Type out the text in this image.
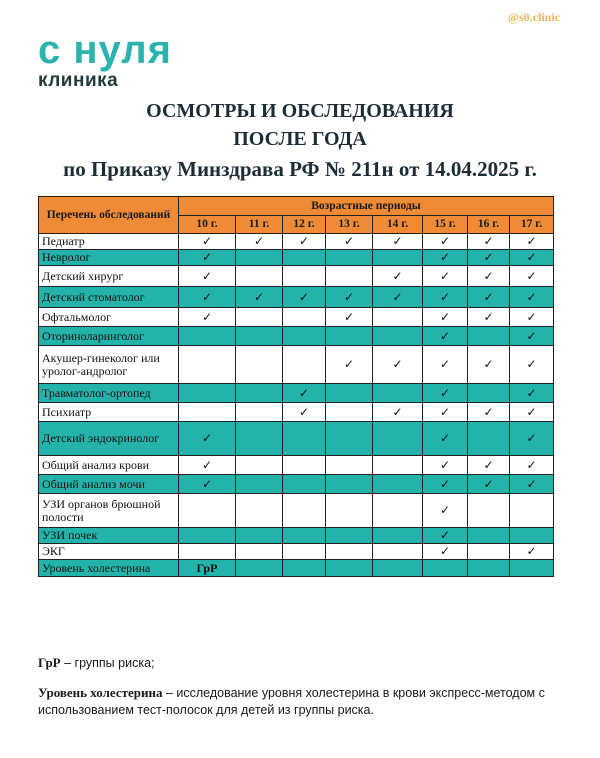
@s0.clinic
с нуля
клиника
ОСМОТРЫ И ОБСЛЕДОВАНИЯ
ПОСЛЕ ГОДА
по Приказу Минздрава РФ № 211н от 14.04.2025 г.
Перечень обследований	Возрастные периоды							
	10 г.	11 г.	12 г.	13 г.	14 г.	15 г.	16 г.	17 г.
Педиатр	✓	✓	✓	✓	✓	✓	✓	✓
Невролог	✓					✓	✓	✓
Детский хирург	✓				✓	✓	✓	✓
Детский стоматолог	✓	✓	✓	✓	✓	✓	✓	✓
Офтальмолог	✓			✓		✓	✓	✓
Оториноларинголог						✓		✓
Акушер-гинеколог или уролог-андролог				✓	✓	✓	✓	✓
Травматолог-ортопед			✓			✓		✓
Психиатр			✓		✓	✓	✓	✓
Детский эндокринолог	✓					✓		✓
Общий анализ крови	✓					✓	✓	✓
Общий анализ мочи	✓					✓	✓	✓
УЗИ органов брюшной полости						✓		
УЗИ почек						✓		
ЭКГ						✓		✓
Уровень холестерина	ГрР							
ГрР – группы риска;
Уровень холестерина – исследование уровня холестерина в крови экспресс-методом с использованием тест-полосок для детей из группы риска.
